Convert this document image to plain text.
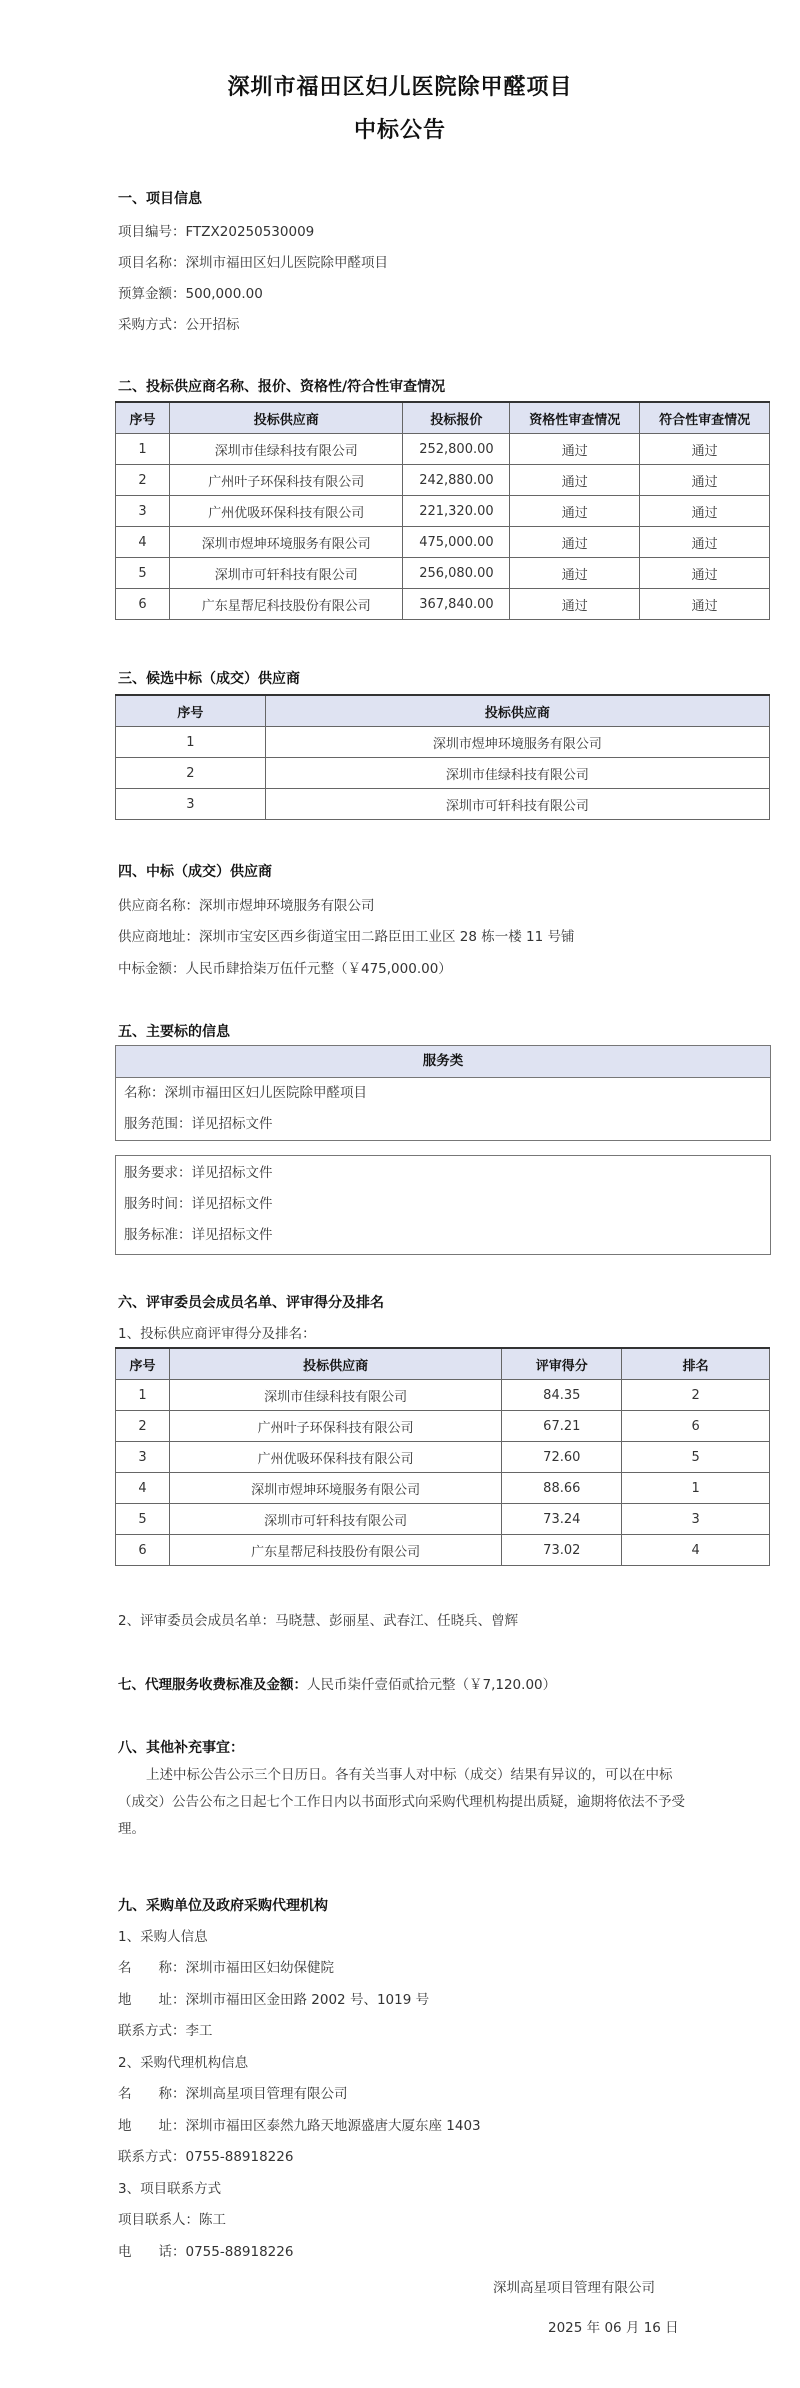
深圳市福田区妇儿医院除甲醛项目
中标公告
一、项目信息
项目编号：FTZX20250530009
项目名称：深圳市福田区妇儿医院除甲醛项目
预算金额：500,000.00
采购方式：公开招标
二、投标供应商名称、报价、资格性/符合性审查情况
序号	投标供应商	投标报价	资格性审查情况	符合性审查情况
1	深圳市佳绿科技有限公司	252,800.00	通过	通过
2	广州叶子环保科技有限公司	242,880.00	通过	通过
3	广州优吸环保科技有限公司	221,320.00	通过	通过
4	深圳市煜坤环境服务有限公司	475,000.00	通过	通过
5	深圳市可轩科技有限公司	256,080.00	通过	通过
6	广东星帮尼科技股份有限公司	367,840.00	通过	通过
三、候选中标（成交）供应商
序号	投标供应商
1	深圳市煜坤环境服务有限公司
2	深圳市佳绿科技有限公司
3	深圳市可轩科技有限公司
四、中标（成交）供应商
供应商名称：深圳市煜坤环境服务有限公司
供应商地址：深圳市宝安区西乡街道宝田二路臣田工业区 28 栋一楼 11 号铺
中标金额：人民币肆拾柒万伍仟元整（￥475,000.00）
五、主要标的信息
服务类
名称：深圳市福田区妇儿医院除甲醛项目
服务范围：详见招标文件
服务要求：详见招标文件
服务时间：详见招标文件
服务标准：详见招标文件
六、评审委员会成员名单、评审得分及排名
1、投标供应商评审得分及排名：
序号	投标供应商	评审得分	排名
1	深圳市佳绿科技有限公司	84.35	2
2	广州叶子环保科技有限公司	67.21	6
3	广州优吸环保科技有限公司	72.60	5
4	深圳市煜坤环境服务有限公司	88.66	1
5	深圳市可轩科技有限公司	73.24	3
6	广东星帮尼科技股份有限公司	73.02	4
2、评审委员会成员名单：马晓慧、彭丽星、武春江、任晓兵、曾辉
七、代理服务收费标准及金额：人民币柒仟壹佰贰拾元整（￥7,120.00）
八、其他补充事宜：
上述中标公告公示三个日历日。各有关当事人对中标（成交）结果有异议的，可以在中标（成交）公告公布之日起七个工作日内以书面形式向采购代理机构提出质疑，逾期将依法不予受理。
九、采购单位及政府采购代理机构
1、采购人信息
名　　称：深圳市福田区妇幼保健院
地　　址：深圳市福田区金田路 2002 号、1019 号
联系方式：李工
2、采购代理机构信息
名　　称：深圳高星项目管理有限公司
地　　址：深圳市福田区泰然九路天地源盛唐大厦东座 1403
联系方式：0755-88918226
3、项目联系方式
项目联系人：陈工
电　　话：0755-88918226
深圳高星项目管理有限公司
2025 年 06 月 16 日
